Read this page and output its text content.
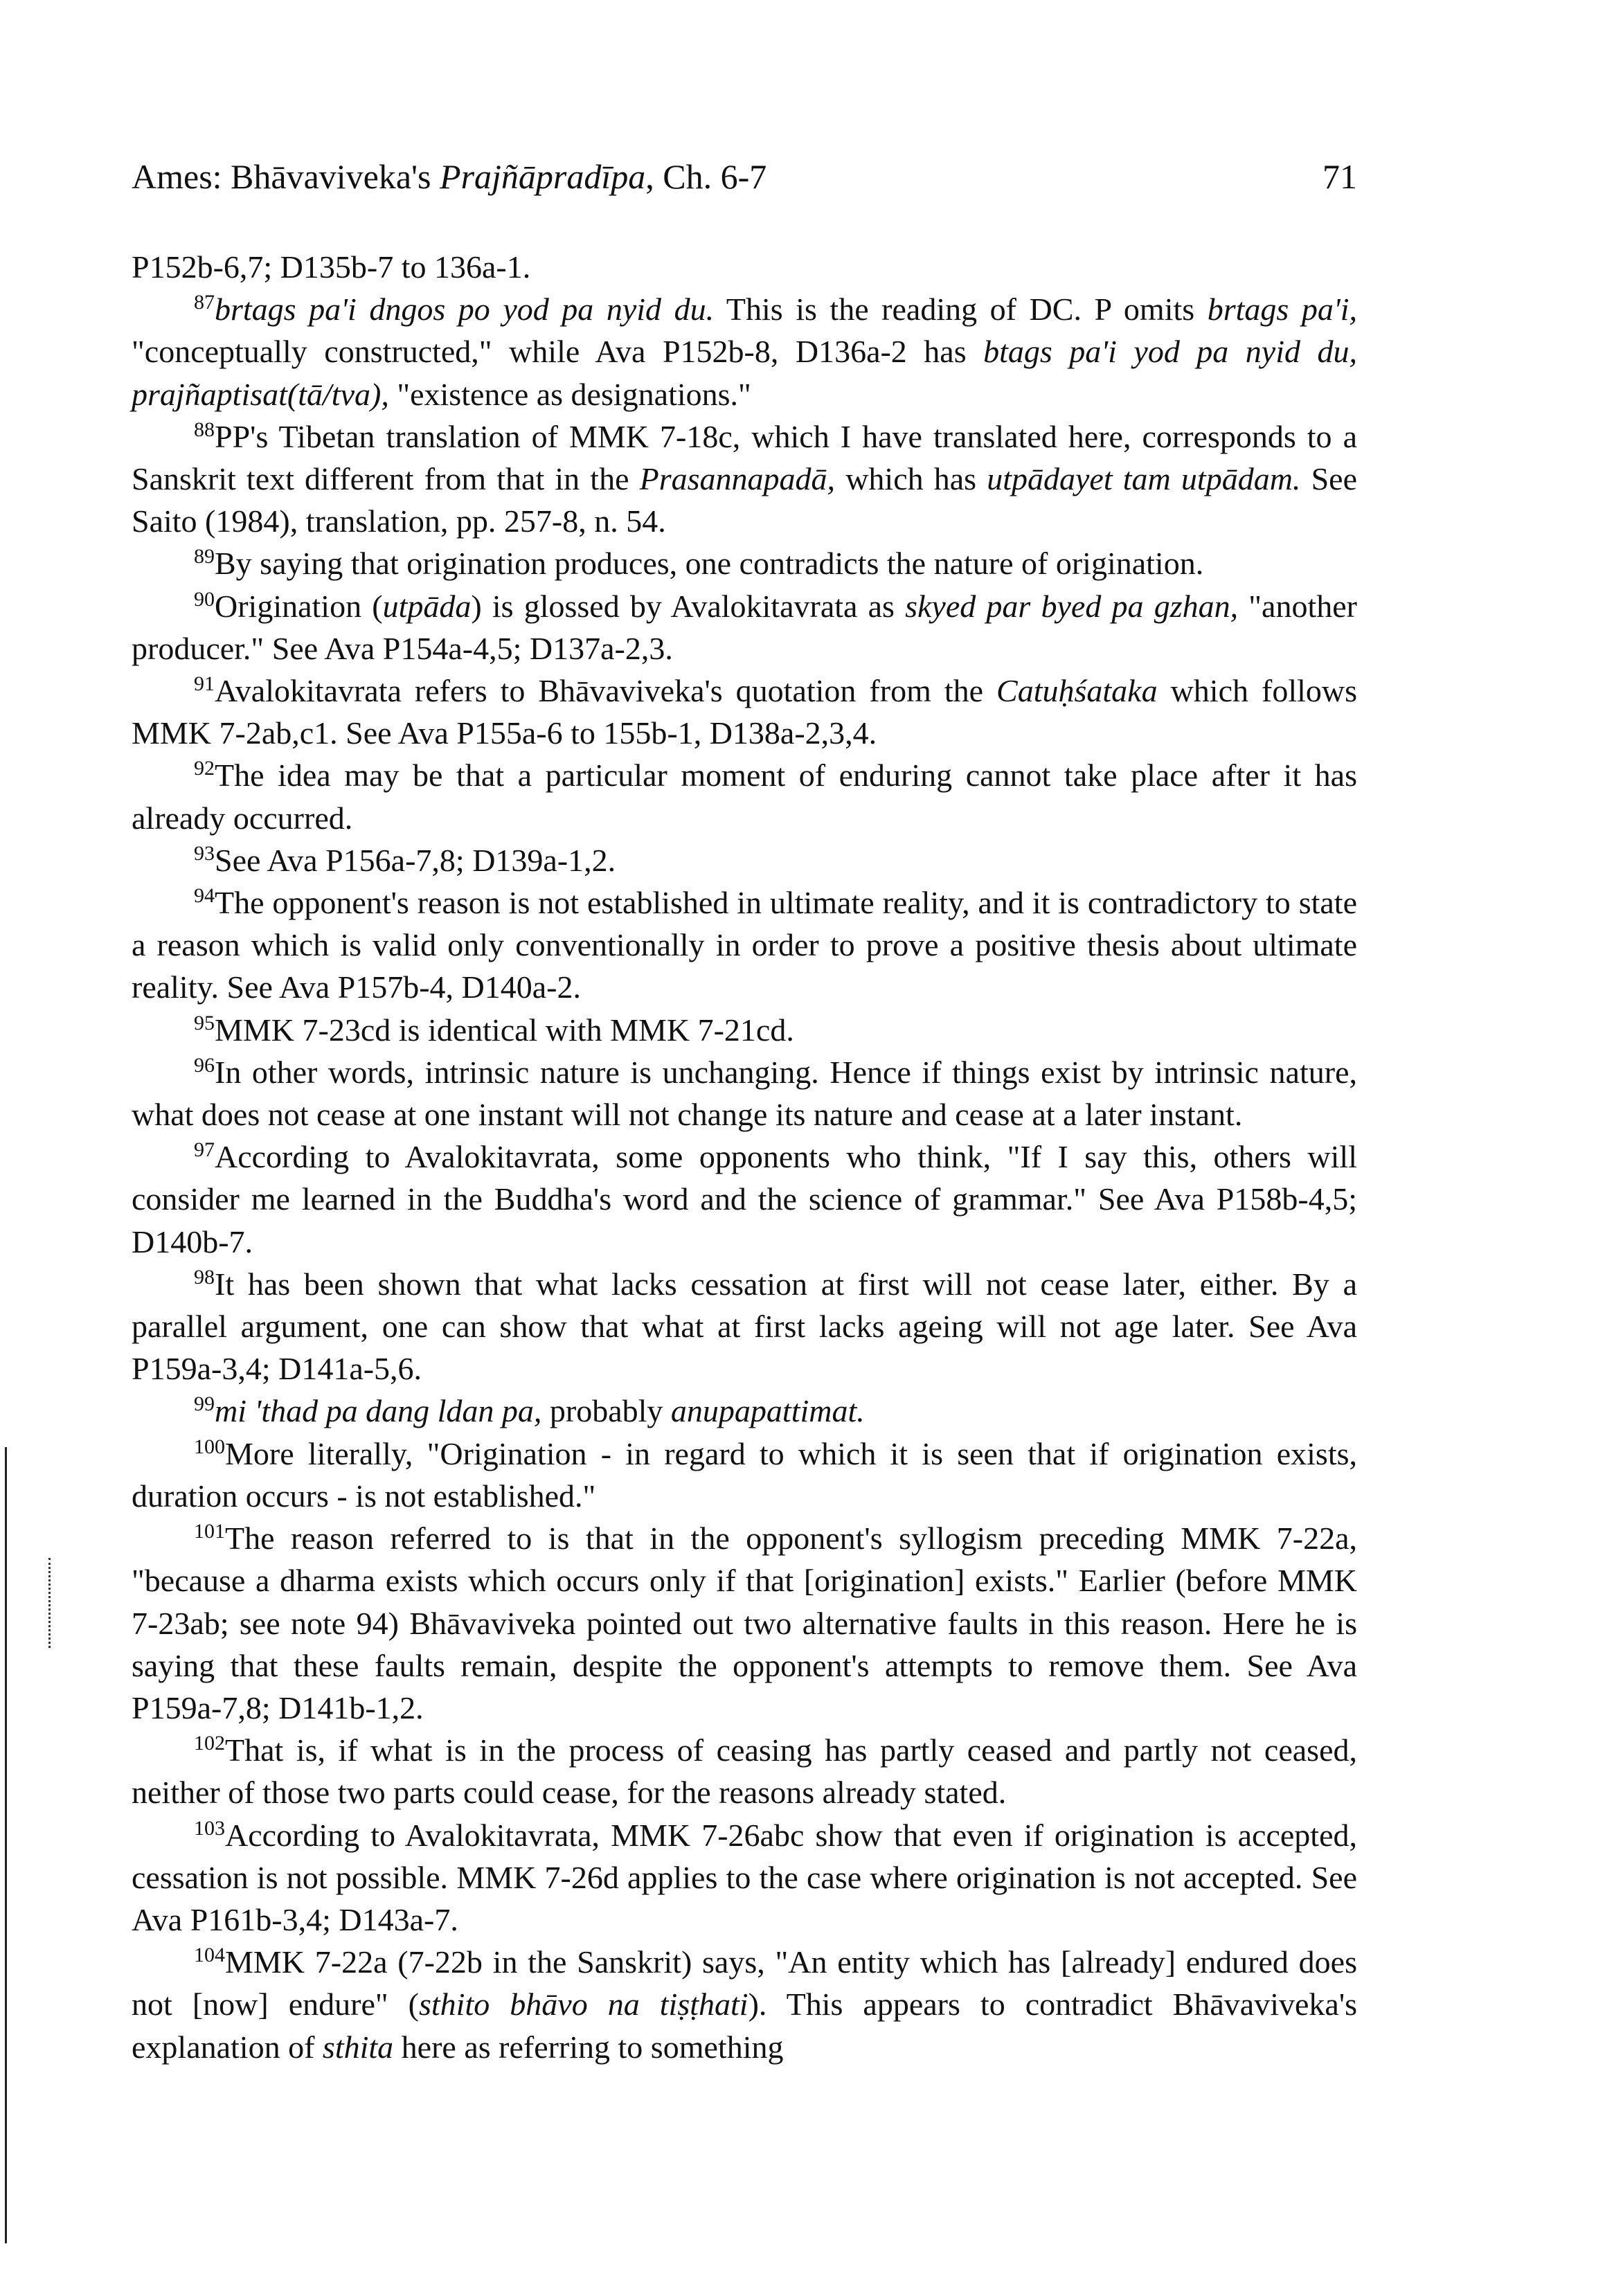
Ames: Bhāvaviveka's Prajñāpradīpa, Ch. 6-7	71

P152b-6,7; D135b-7 to 136a-1.

$^{87}$brtags pa'i dngos po yod pa nyid du. This is the reading of DC. P omits brtags pa'i, "conceptually constructed," while Ava P152b-8, D136a-2 has btags pa'i yod pa nyid du, prajñaptisat(tā/tva), "existence as designations."

$^{88}$PP's Tibetan translation of MMK 7-18c, which I have translated here, corresponds to a Sanskrit text different from that in the Prasannapadā, which has utpādayet tam utpādam. See Saito (1984), translation, pp. 257-8, n. 54.

$^{89}$By saying that origination produces, one contradicts the nature of origination.

$^{90}$Origination (utpāda) is glossed by Avalokitavrata as skyed par byed pa gzhan, "another producer." See Ava P154a-4,5; D137a-2,3.

$^{91}$Avalokitavrata refers to Bhāvaviveka's quotation from the Catuḥśataka which follows MMK 7-2ab,c1. See Ava P155a-6 to 155b-1, D138a-2,3,4.

$^{92}$The idea may be that a particular moment of enduring cannot take place after it has already occurred.

$^{93}$See Ava P156a-7,8; D139a-1,2.

$^{94}$The opponent's reason is not established in ultimate reality, and it is contradictory to state a reason which is valid only conventionally in order to prove a positive thesis about ultimate reality. See Ava P157b-4, D140a-2.

$^{95}$MMK 7-23cd is identical with MMK 7-21cd.

$^{96}$In other words, intrinsic nature is unchanging. Hence if things exist by intrinsic nature, what does not cease at one instant will not change its nature and cease at a later instant.

$^{97}$According to Avalokitavrata, some opponents who think, "If I say this, others will consider me learned in the Buddha's word and the science of grammar." See Ava P158b-4,5; D140b-7.

$^{98}$It has been shown that what lacks cessation at first will not cease later, either. By a parallel argument, one can show that what at first lacks ageing will not age later. See Ava P159a-3,4; D141a-5,6.

$^{99}$mi 'thad pa dang ldan pa, probably anupapattimat.

$^{100}$More literally, "Origination - in regard to which it is seen that if origination exists, duration occurs - is not established."

$^{101}$The reason referred to is that in the opponent's syllogism preceding MMK 7-22a, "because a dharma exists which occurs only if that [origination] exists." Earlier (before MMK 7-23ab; see note 94) Bhāvaviveka pointed out two alternative faults in this reason. Here he is saying that these faults remain, despite the opponent's attempts to remove them. See Ava P159a-7,8; D141b-1,2.

$^{102}$That is, if what is in the process of ceasing has partly ceased and partly not ceased, neither of those two parts could cease, for the reasons already stated.

$^{103}$According to Avalokitavrata, MMK 7-26abc show that even if origination is accepted, cessation is not possible. MMK 7-26d applies to the case where origination is not accepted. See Ava P161b-3,4; D143a-7.

$^{104}$MMK 7-22a (7-22b in the Sanskrit) says, "An entity which has [already] endured does not [now] endure" (sthito bhāvo na tiṣṭhati). This appears to contradict Bhāvaviveka's explanation of sthita here as referring to something
